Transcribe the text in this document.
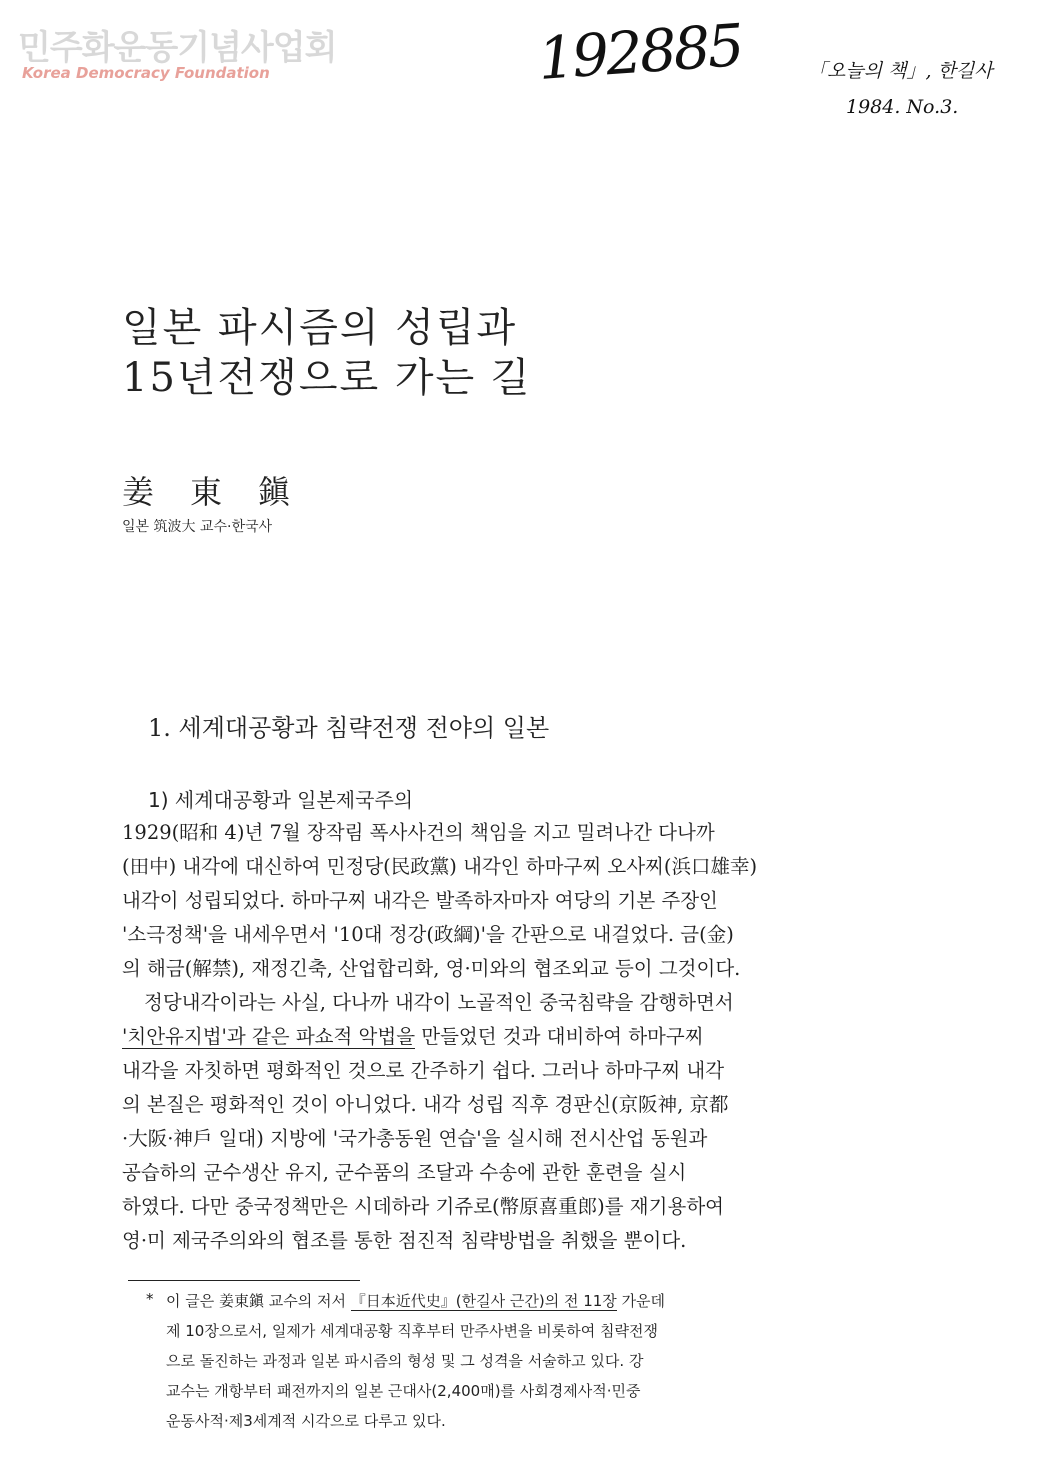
민주화운동기념사업회
Korea Democracy Foundation	192885	「오늘의 책」, 한길사
1984. No.3.
일본 파시즘의 성립과
15년전쟁으로 가는 길
姜東鎭
일본 筑波大 교수·한국사
1. 세계대공황과 침략전쟁 전야의 일본
1) 세계대공황과 일본제국주의
1929(昭和 4)년 7월 장작림 폭사사건의 책임을 지고 밀려나간 다나까
(田中) 내각에 대신하여 민정당(民政黨) 내각인 하마구찌 오사찌(浜口雄幸)
내각이 성립되었다. 하마구찌 내각은 발족하자마자 여당의 기본 주장인
'소극정책'을 내세우면서 '10대 정강(政綱)'을 간판으로 내걸었다. 금(金)
의 해금(解禁), 재정긴축, 산업합리화, 영·미와의 협조외교 등이 그것이다.
정당내각이라는 사실, 다나까 내각이 노골적인 중국침략을 감행하면서
'치안유지법'과 같은 파쇼적 악법을 만들었던 것과 대비하여 하마구찌
내각을 자칫하면 평화적인 것으로 간주하기 쉽다. 그러나 하마구찌 내각
의 본질은 평화적인 것이 아니었다. 내각 성립 직후 경판신(京阪神, 京都
·大阪·神戶 일대) 지방에 '국가총동원 연습'을 실시해 전시산업 동원과
공습하의 군수생산 유지, 군수품의 조달과 수송에 관한 훈련을 실시
하였다. 다만 중국정책만은 시데하라 기쥬로(幣原喜重郎)를 재기용하여
영·미 제국주의와의 협조를 통한 점진적 침략방법을 취했을 뿐이다.
* 이 글은 姜東鎭 교수의 저서 『日本近代史』(한길사 근간)의 전 11장 가운데
제 10장으로서, 일제가 세계대공황 직후부터 만주사변을 비롯하여 침략전쟁
으로 돌진하는 과정과 일본 파시즘의 형성 및 그 성격을 서술하고 있다. 강
교수는 개항부터 패전까지의 일본 근대사(2,400매)를 사회경제사적·민중
운동사적·제3세계적 시각으로 다루고 있다.
